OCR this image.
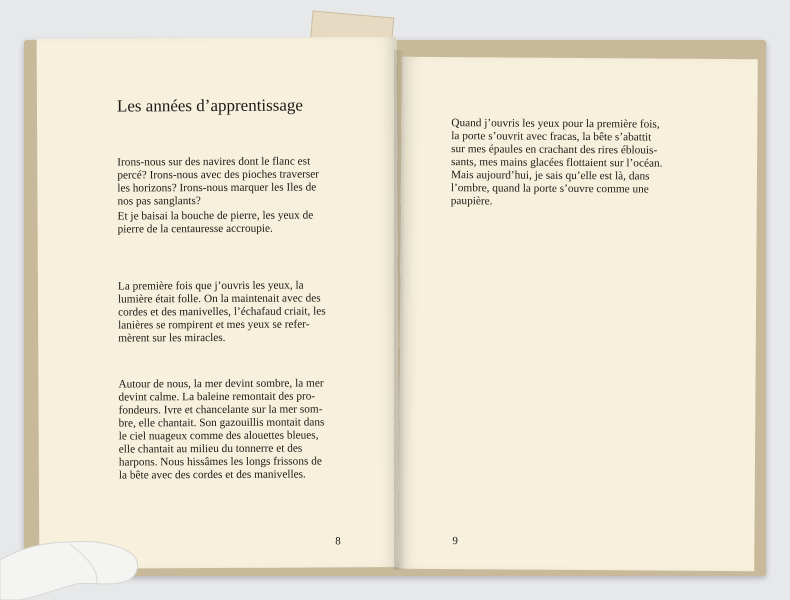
Les années d’apprentissage

Irons-nous sur des navires dont le flanc est
percé? Irons-nous avec des pioches traverser
les horizons? Irons-nous marquer les Iles de
nos pas sanglants?

Et je baisai la bouche de pierre, les yeux de
pierre de la centauresse accroupie.

La première fois que j’ouvris les yeux, la
lumière était folle. On la maintenait avec des
cordes et des manivelles, l’échafaud criait, les
lanières se rompirent et mes yeux se refer-
mèrent sur les miracles.

Autour de nous, la mer devint sombre, la mer
devint calme. La baleine remontait des pro-
fondeurs. Ivre et chancelante sur la mer som-
bre, elle chantait. Son gazouillis montait dans
le ciel nuageux comme des alouettes bleues,
elle chantait au milieu du tonnerre et des
harpons. Nous hissâmes les longs frissons de
la bête avec des cordes et des manivelles.

8

Quand j’ouvris les yeux pour la première fois,
la porte s’ouvrit avec fracas, la bête s’abattit
sur mes épaules en crachant des rires éblouis-
sants, mes mains glacées flottaient sur l’océan.
Mais aujourd’hui, je sais qu’elle est là, dans
l’ombre, quand la porte s’ouvre comme une
paupière.

9
